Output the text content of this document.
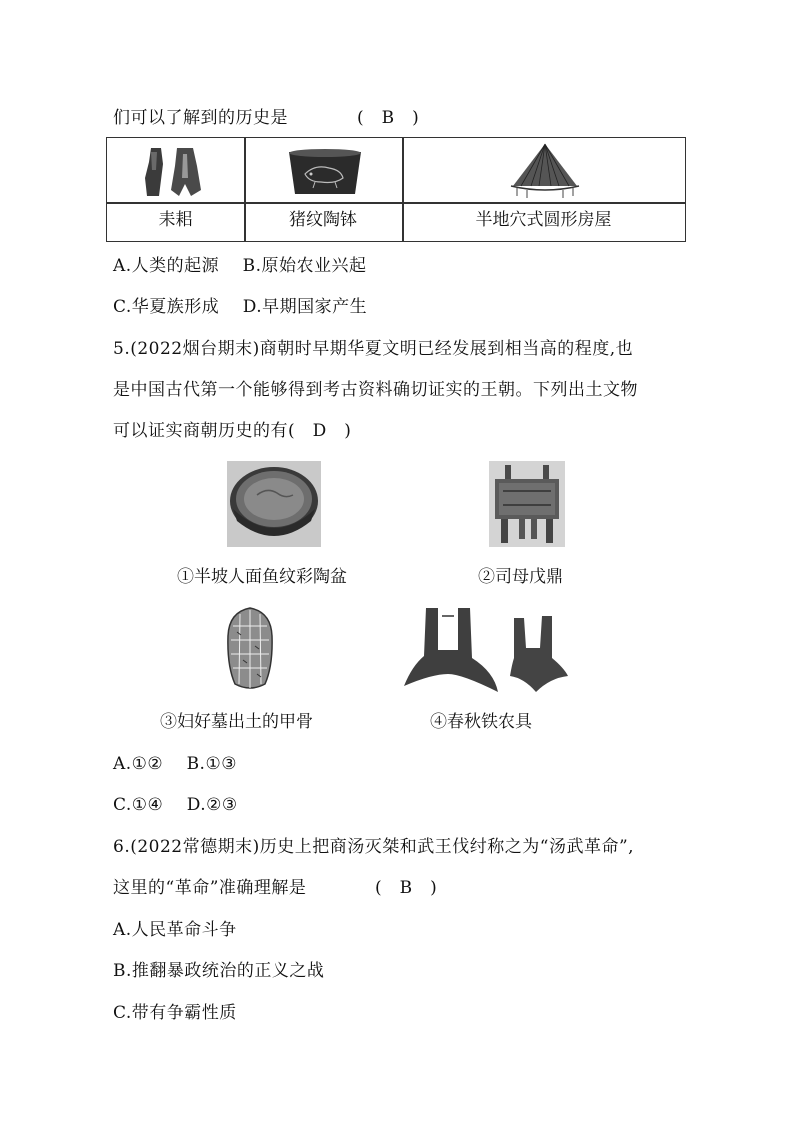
们可以了解到的历史是	(　B　)
耒耜	猪纹陶钵	半地穴式圆形房屋
A.人类的起源　 B.原始农业兴起
C.华夏族形成　 D.早期国家产生
5.(2022烟台期末)商朝时早期华夏文明已经发展到相当高的程度,也
是中国古代第一个能够得到考古资料确切证实的王朝。下列出土文物
可以证实商朝历史的有(　D　)
①半坡人面鱼纹彩陶盆	②司母戊鼎
③妇好墓出土的甲骨	④春秋铁农具
A.①②　 B.①③
C.①④　 D.②③
6.(2022常德期末)历史上把商汤灭桀和武王伐纣称之为“汤武革命”,
这里的“革命”准确理解是	(　B　)
A.人民革命斗争
B.推翻暴政统治的正义之战
C.带有争霸性质
